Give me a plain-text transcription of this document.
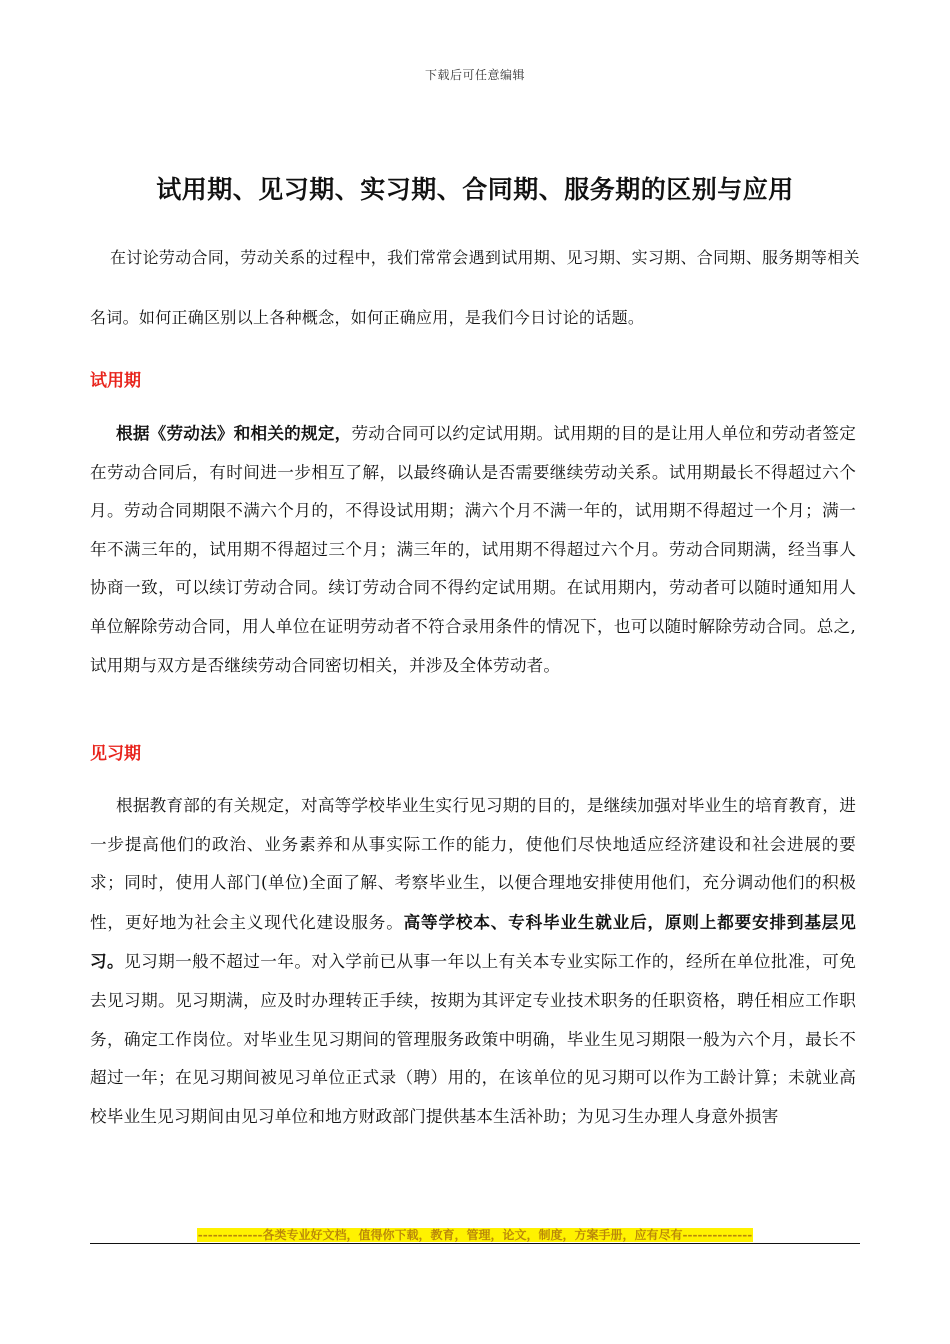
下载后可任意编辑
试用期、见习期、实习期、合同期、服务期的区别与应用

在讨论劳动合同，劳动关系的过程中，我们常常会遇到试用期、见习期、实习期、合同期、服务期等相关名词。如何正确区别以上各种概念，如何正确应用，是我们今日讨论的话题。

试用期

根据《劳动法》和相关的规定，劳动合同可以约定试用期。试用期的目的是让用人单位和劳动者签定在劳动合同后，有时间进一步相互了解，以最终确认是否需要继续劳动关系。试用期最长不得超过六个月。劳动合同期限不满六个月的，不得设试用期；满六个月不满一年的，试用期不得超过一个月；满一年不满三年的，试用期不得超过三个月；满三年的，试用期不得超过六个月。劳动合同期满，经当事人协商一致，可以续订劳动合同。续订劳动合同不得约定试用期。在试用期内，劳动者可以随时通知用人单位解除劳动合同，用人单位在证明劳动者不符合录用条件的情况下，也可以随时解除劳动合同。总之,试用期与双方是否继续劳动合同密切相关，并涉及全体劳动者。

见习期

根据教育部的有关规定，对高等学校毕业生实行见习期的目的，是继续加强对毕业生的培育教育，进一步提高他们的政治、业务素养和从事实际工作的能力，使他们尽快地适应经济建设和社会进展的要求；同时，使用人部门(单位)全面了解、考察毕业生，以便合理地安排使用他们，充分调动他们的积极性，更好地为社会主义现代化建设服务。高等学校本、专科毕业生就业后，原则上都要安排到基层见习。见习期一般不超过一年。对入学前已从事一年以上有关本专业实际工作的，经所在单位批准，可免去见习期。见习期满，应及时办理转正手续，按期为其评定专业技术职务的任职资格，聘任相应工作职务，确定工作岗位。对毕业生见习期间的管理服务政策中明确，毕业生见习期限一般为六个月，最长不超过一年；在见习期间被见习单位正式录（聘）用的，在该单位的见习期可以作为工龄计算；未就业高校毕业生见习期间由见习单位和地方财政部门提供基本生活补助；为见习生办理人身意外损害

-------------各类专业好文档，值得你下载，教育，管理，论文，制度，方案手册，应有尽有--------------
